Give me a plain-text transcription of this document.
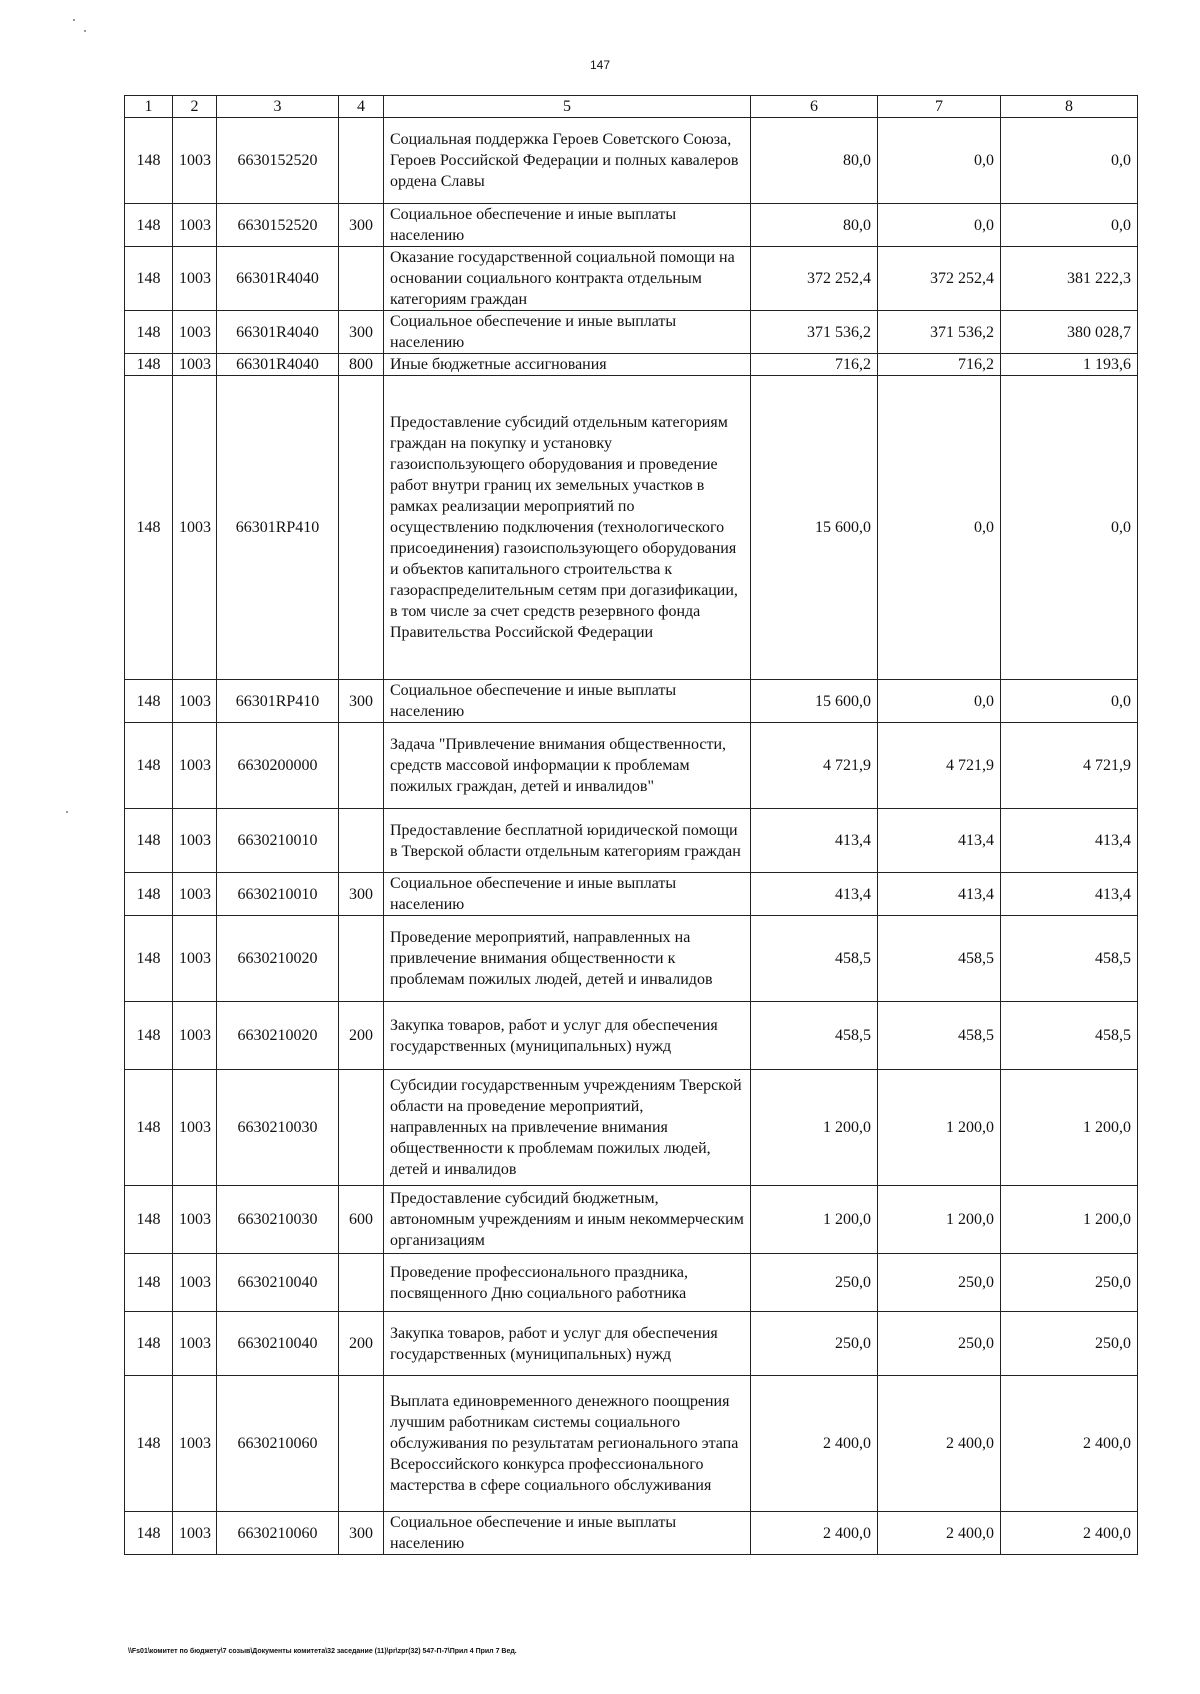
147
1	2	3	4	5	6	7	8
148	1003	6630152520		Социальная поддержка Героев Советского Союза, Героев Российской Федерации и полных кавалеров ордена Славы	80,0	0,0	0,0
148	1003	6630152520	300	Социальное обеспечение и иные выплаты населению	80,0	0,0	0,0
148	1003	66301R4040		Оказание государственной социальной помощи на основании социального контракта отдельным категориям граждан	372 252,4	372 252,4	381 222,3
148	1003	66301R4040	300	Социальное обеспечение и иные выплаты населению	371 536,2	371 536,2	380 028,7
148	1003	66301R4040	800	Иные бюджетные ассигнования	716,2	716,2	1 193,6
148	1003	66301RP410		Предоставление субсидий отдельным категориям граждан на покупку и установку газоиспользующего оборудования и проведение работ внутри границ их земельных участков в рамках реализации мероприятий по осуществлению подключения (технологического присоединения) газоиспользующего оборудования и объектов капитального строительства к газораспределительным сетям при догазификации, в том числе за счет средств резервного фонда Правительства Российской Федерации	15 600,0	0,0	0,0
148	1003	66301RP410	300	Социальное обеспечение и иные выплаты населению	15 600,0	0,0	0,0
148	1003	6630200000		Задача "Привлечение внимания общественности, средств массовой информации к проблемам пожилых граждан, детей и инвалидов"	4 721,9	4 721,9	4 721,9
148	1003	6630210010		Предоставление бесплатной юридической помощи в Тверской области отдельным категориям граждан	413,4	413,4	413,4
148	1003	6630210010	300	Социальное обеспечение и иные выплаты населению	413,4	413,4	413,4
148	1003	6630210020		Проведение мероприятий, направленных на привлечение внимания общественности к проблемам пожилых людей, детей и инвалидов	458,5	458,5	458,5
148	1003	6630210020	200	Закупка товаров, работ и услуг для обеспечения государственных (муниципальных) нужд	458,5	458,5	458,5
148	1003	6630210030		Субсидии государственным учреждениям Тверской области на проведение мероприятий, направленных на привлечение внимания общественности к проблемам пожилых людей, детей и инвалидов	1 200,0	1 200,0	1 200,0
148	1003	6630210030	600	Предоставление субсидий бюджетным, автономным учреждениям и иным некоммерческим организациям	1 200,0	1 200,0	1 200,0
148	1003	6630210040		Проведение профессионального праздника, посвященного Дню социального работника	250,0	250,0	250,0
148	1003	6630210040	200	Закупка товаров, работ и услуг для обеспечения государственных (муниципальных) нужд	250,0	250,0	250,0
148	1003	6630210060		Выплата единовременного денежного поощрения лучшим работникам системы социального обслуживания по результатам регионального этапа Всероссийского конкурса профессионального мастерства в сфере социального обслуживания	2 400,0	2 400,0	2 400,0
148	1003	6630210060	300	Социальное обеспечение и иные выплаты населению	2 400,0	2 400,0	2 400,0
\\Fs01\комитет по бюджету\7 созыв\Документы комитета\32 заседание (11)\pr\zpr(32) 547-П-7\Прил 4 Прил 7 Вед.
